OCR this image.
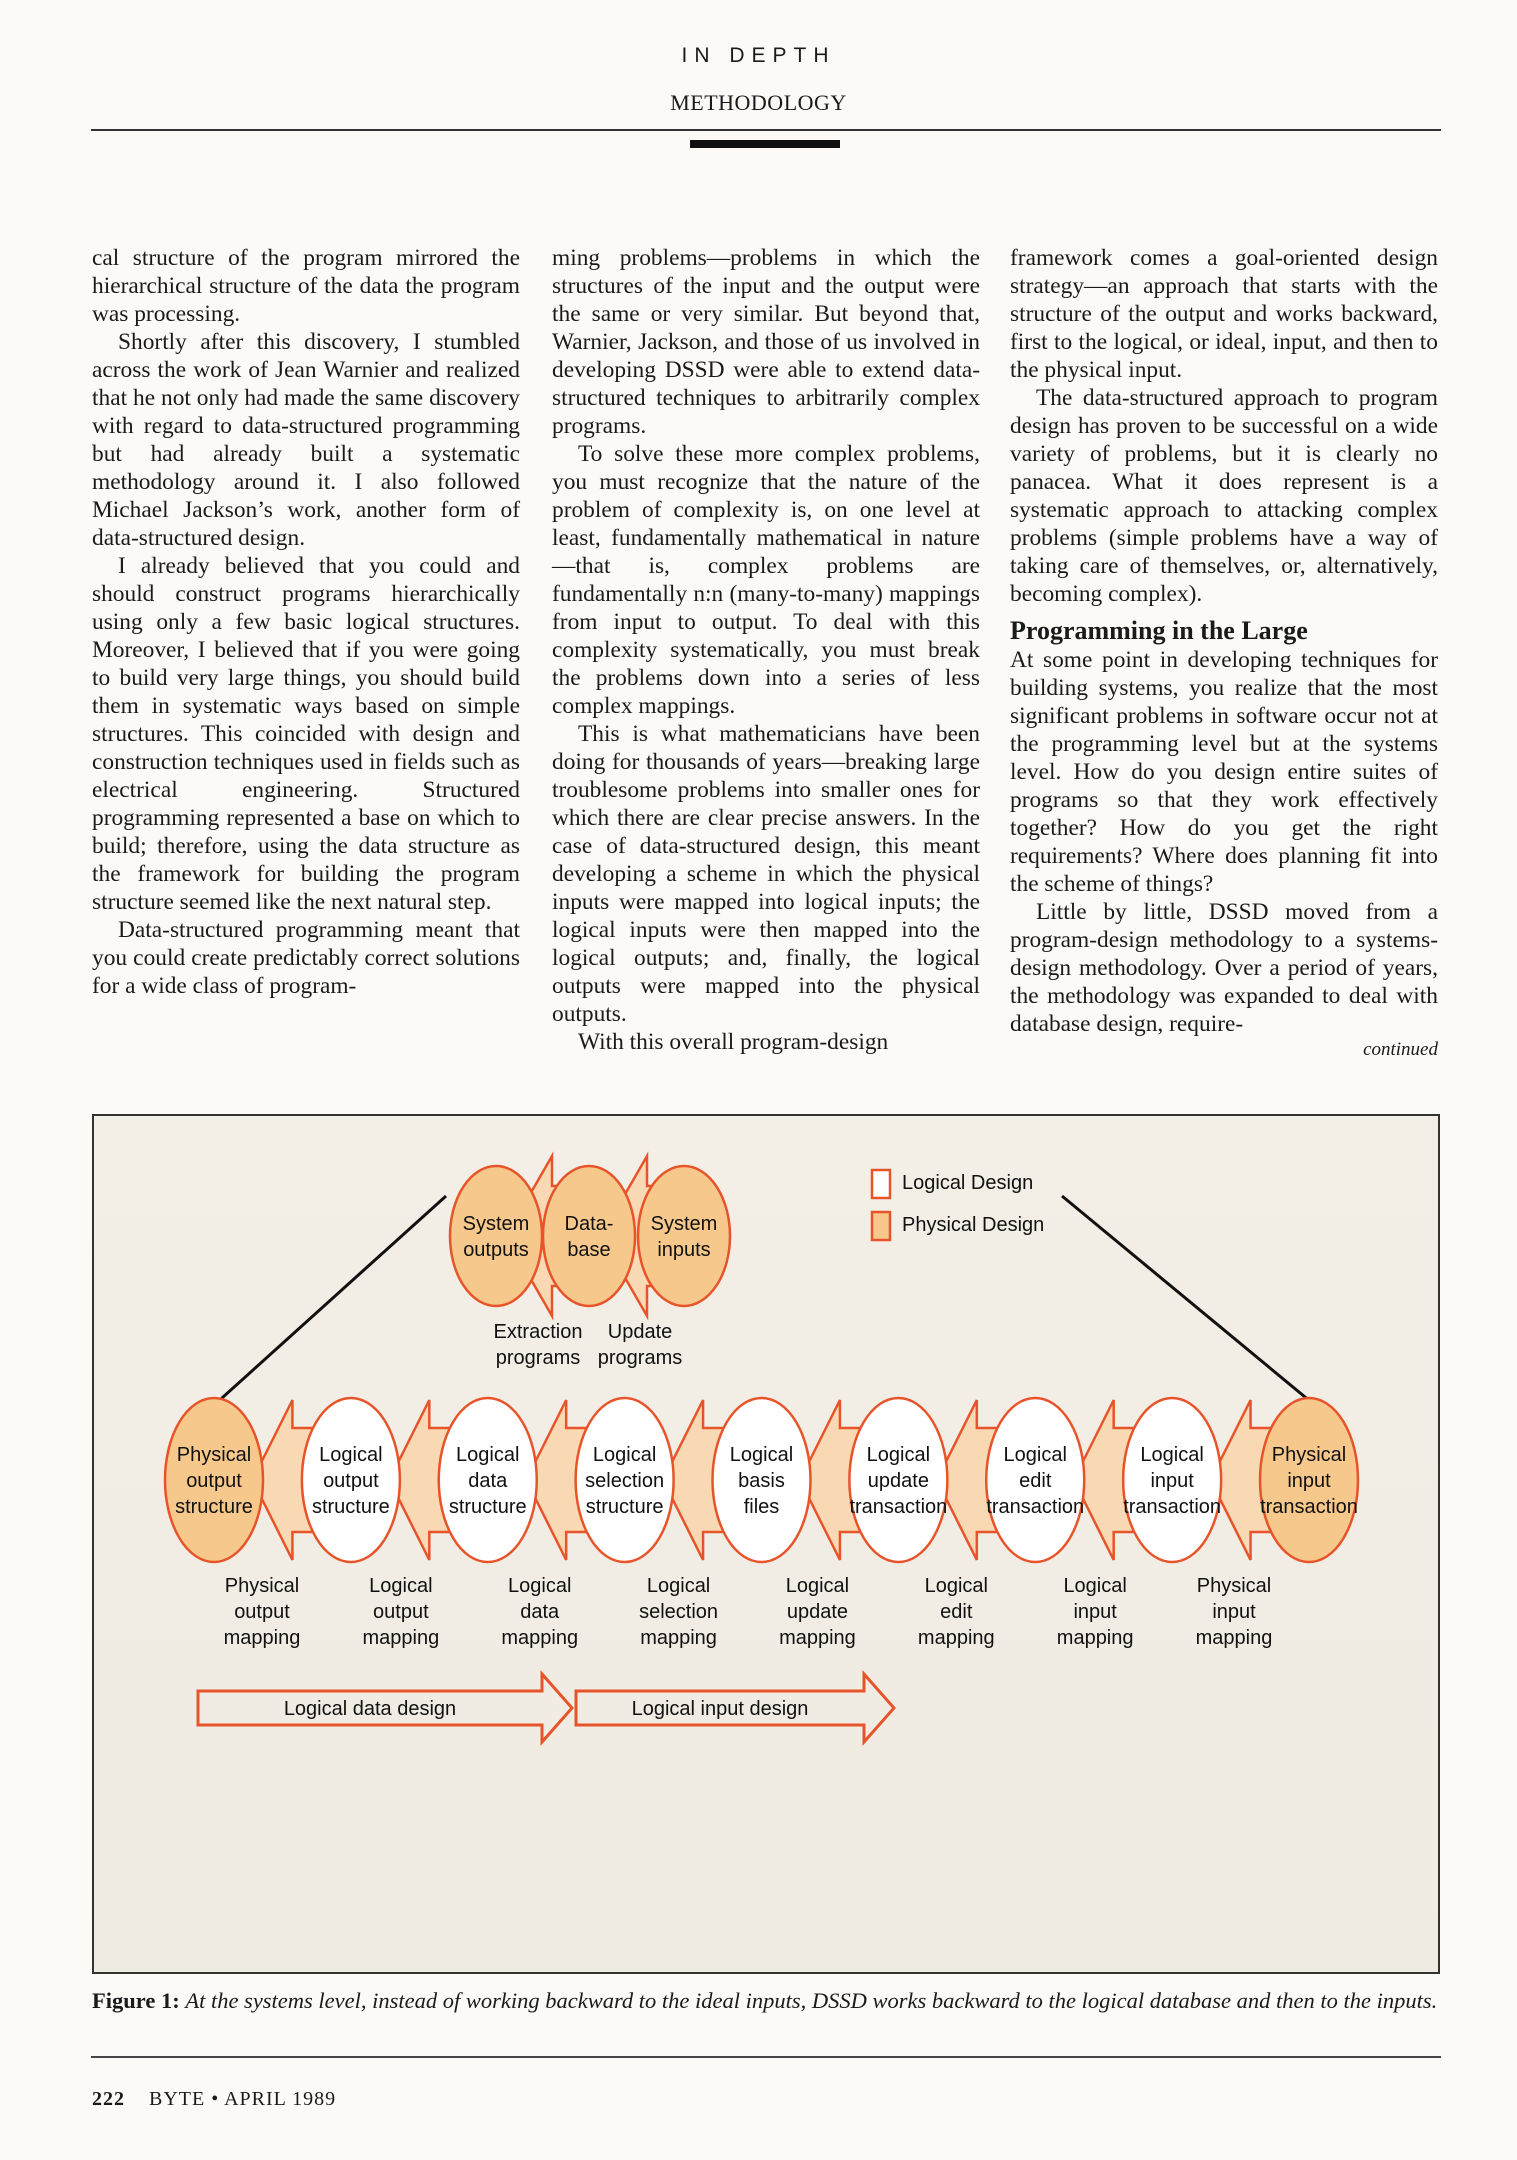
IN DEPTH
METHODOLOGY

cal structure of the program mirrored the hierarchical structure of the data the program was processing.

Shortly after this discovery, I stumbled across the work of Jean Warnier and realized that he not only had made the same discovery with regard to data-structured programming but had already built a systematic methodology around it. I also followed Michael Jackson’s work, another form of data-structured design.

I already believed that you could and should construct programs hierarchically using only a few basic logical structures. Moreover, I believed that if you were going to build very large things, you should build them in systematic ways based on simple structures. This coincided with design and construction techniques used in fields such as electrical engineering. Structured programming represented a base on which to build; therefore, using the data structure as the framework for building the program structure seemed like the next natural step.

Data-structured programming meant that you could create predictably correct solutions for a wide class of program-

ming problems—problems in which the structures of the input and the output were the same or very similar. But beyond that, Warnier, Jackson, and those of us involved in developing DSSD were able to extend data-structured techniques to arbitrarily complex programs.

To solve these more complex problems, you must recognize that the nature of the problem of complexity is, on one level at least, fundamentally mathematical in nature—that is, complex problems are fundamentally n:n (many-to-many) mappings from input to output. To deal with this complexity systematically, you must break the problems down into a series of less complex mappings.

This is what mathematicians have been doing for thousands of years—breaking large troublesome problems into smaller ones for which there are clear precise answers. In the case of data-structured design, this meant developing a scheme in which the physical inputs were mapped into logical inputs; the logical inputs were then mapped into the logical outputs; and, finally, the logical outputs were mapped into the physical outputs.

With this overall program-design

framework comes a goal-oriented design strategy—an approach that starts with the structure of the output and works backward, first to the logical, or ideal, input, and then to the physical input.

The data-structured approach to program design has proven to be successful on a wide variety of problems, but it is clearly no panacea. What it does represent is a systematic approach to attacking complex problems (simple problems have a way of taking care of themselves, or, alternatively, becoming complex).

Programming in the Large

At some point in developing techniques for building systems, you realize that the most significant problems in software occur not at the programming level but at the systems level. How do you design entire suites of programs so that they work effectively together? How do you get the right requirements? Where does planning fit into the scheme of things?

Little by little, DSSD moved from a program-design methodology to a systems-design methodology. Over a period of years, the methodology was expanded to deal with database design, require-

continued

Physical output structure
Logical output structure
Logical data structure
Logical selection structure
Logical basis files
Logical update transaction
Logical edit transaction
Logical input transaction
Physical input transaction
System outputs
Data-base
System inputs
Extraction programs
Update programs
Logical Design
Physical Design
Physical output mapping
Logical output mapping
Logical data mapping
Logical selection mapping
Logical update mapping
Logical edit mapping
Logical input mapping
Physical input mapping
Logical data design	Logical input design
Figure 1: At the systems level, instead of working backward to the ideal inputs, DSSD works backward to the logical database and then to the inputs.
222 BYTE • APRIL 1989
